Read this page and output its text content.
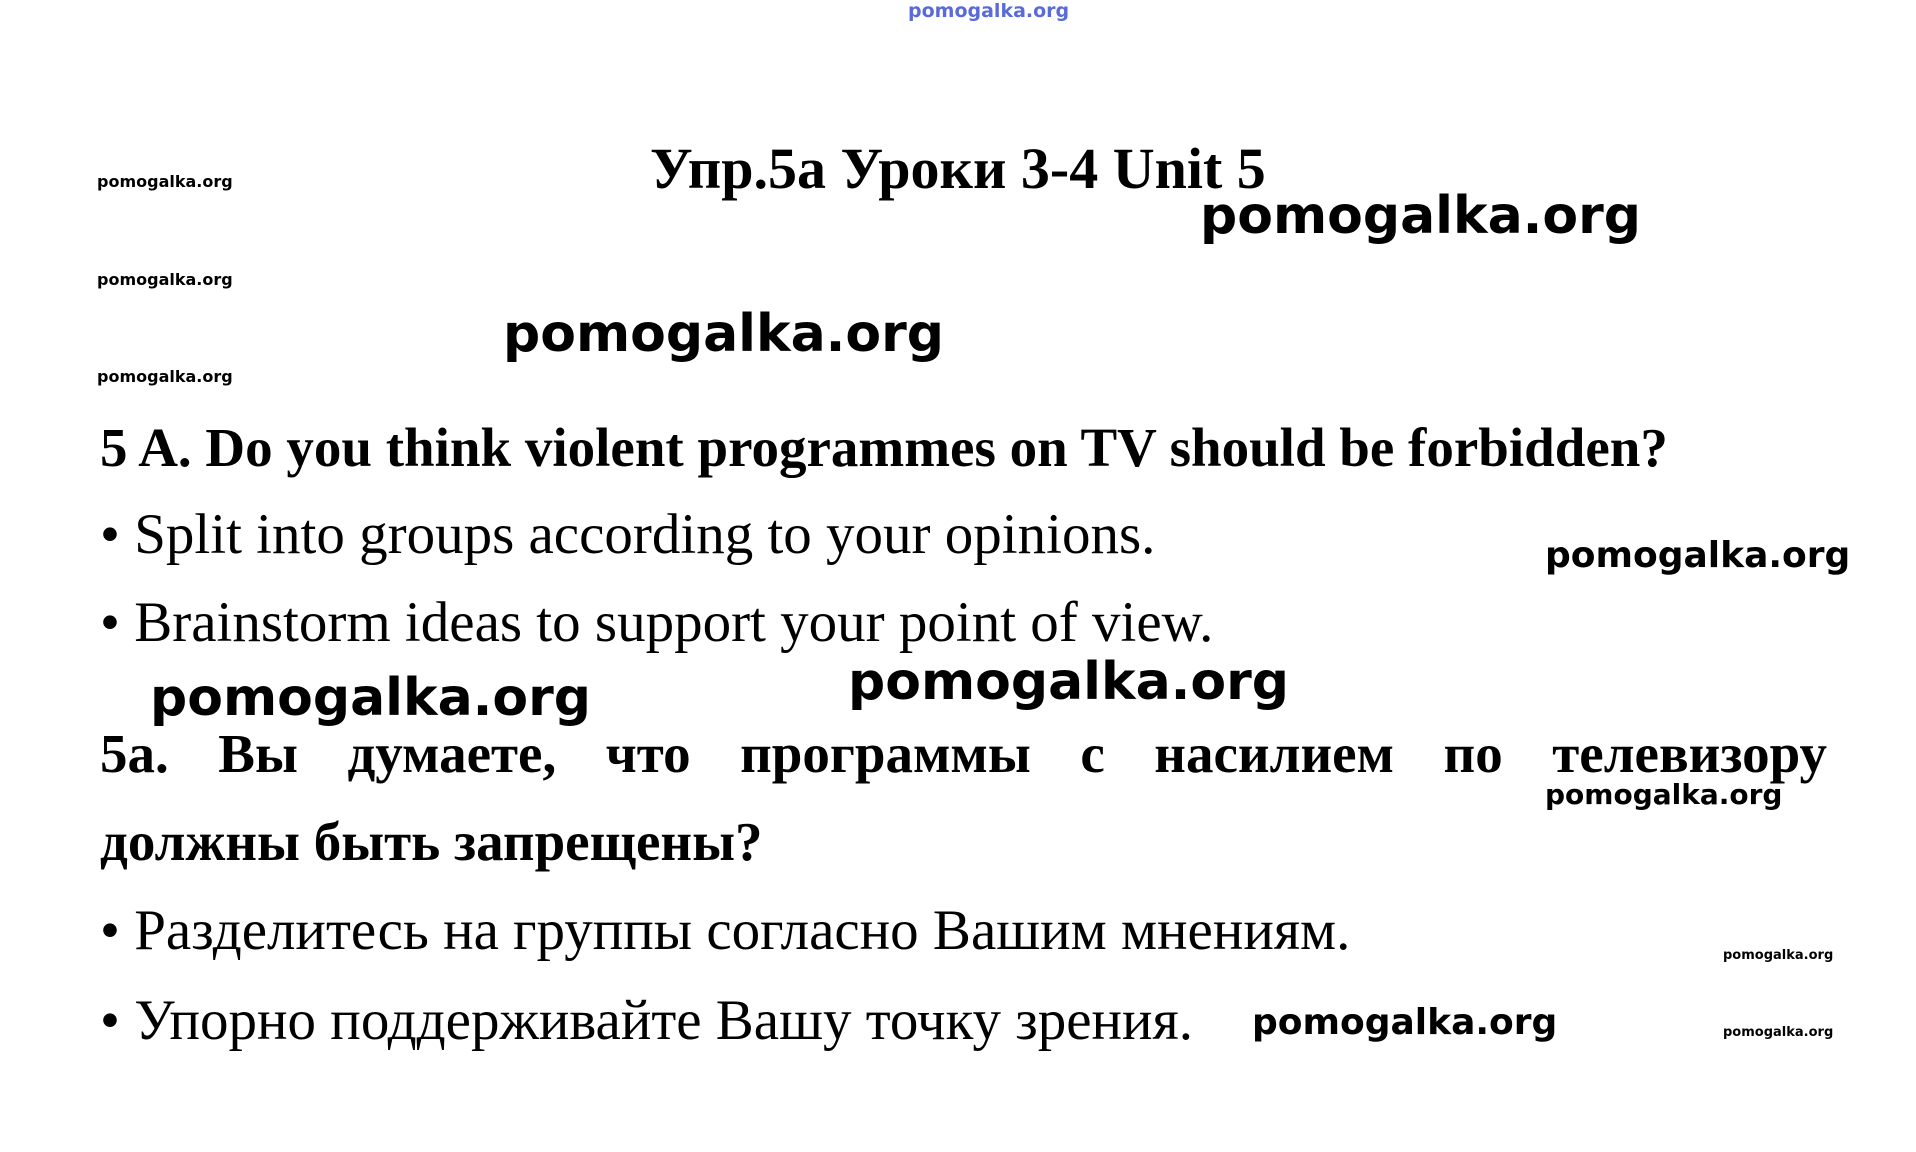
pomogalka.org
pomogalka.org
pomogalka.org
pomogalka.org
Упр.5а Уроки 3-4 Unit 5
pomogalka.org
pomogalka.org
5 A. Do you think violent programmes on TV should be forbidden?
• Split into groups according to your opinions.	pomogalka.org
• Brainstorm ideas to support your point of view.
pomogalka.org	pomogalka.org
5a. Вы думаете, что программы с насилием по телевизору
pomogalka.org
должны быть запрещены?
• Разделитесь на группы согласно Вашим мнениям.	pomogalka.org
• Упорно поддерживайте Вашу точку зрения. pomogalka.org	pomogalka.org
